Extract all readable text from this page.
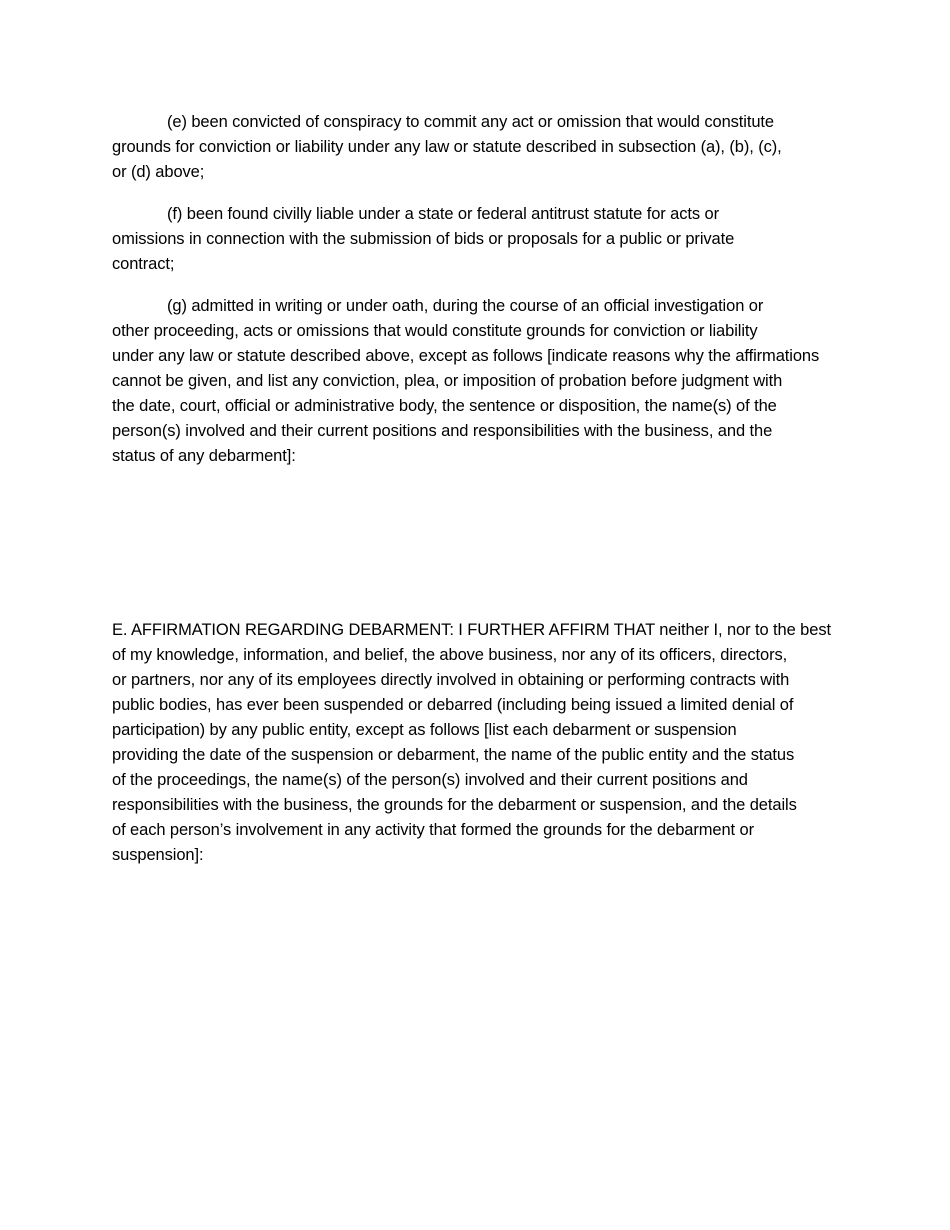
(e) been convicted of conspiracy to commit any act or omission that would constitute
grounds for conviction or liability under any law or statute described in subsection (a), (b), (c),
or (d) above;
(f) been found civilly liable under a state or federal antitrust statute for acts or
omissions in connection with the submission of bids or proposals for a public or private
contract;
(g) admitted in writing or under oath, during the course of an official investigation or
other proceeding, acts or omissions that would constitute grounds for conviction or liability
under any law or statute described above, except as follows [indicate reasons why the affirmations
cannot be given, and list any conviction, plea, or imposition of probation before judgment with
the date, court, official or administrative body, the sentence or disposition, the name(s) of the
person(s) involved and their current positions and responsibilities with the business, and the
status of any debarment]:
E. AFFIRMATION REGARDING DEBARMENT: I FURTHER AFFIRM THAT neither I, nor to the best
of my knowledge, information, and belief, the above business, nor any of its officers, directors,
or partners, nor any of its employees directly involved in obtaining or performing contracts with
public bodies, has ever been suspended or debarred (including being issued a limited denial of
participation) by any public entity, except as follows [list each debarment or suspension
providing the date of the suspension or debarment, the name of the public entity and the status
of the proceedings, the name(s) of the person(s) involved and their current positions and
responsibilities with the business, the grounds for the debarment or suspension, and the details
of each person’s involvement in any activity that formed the grounds for the debarment or
suspension]:
